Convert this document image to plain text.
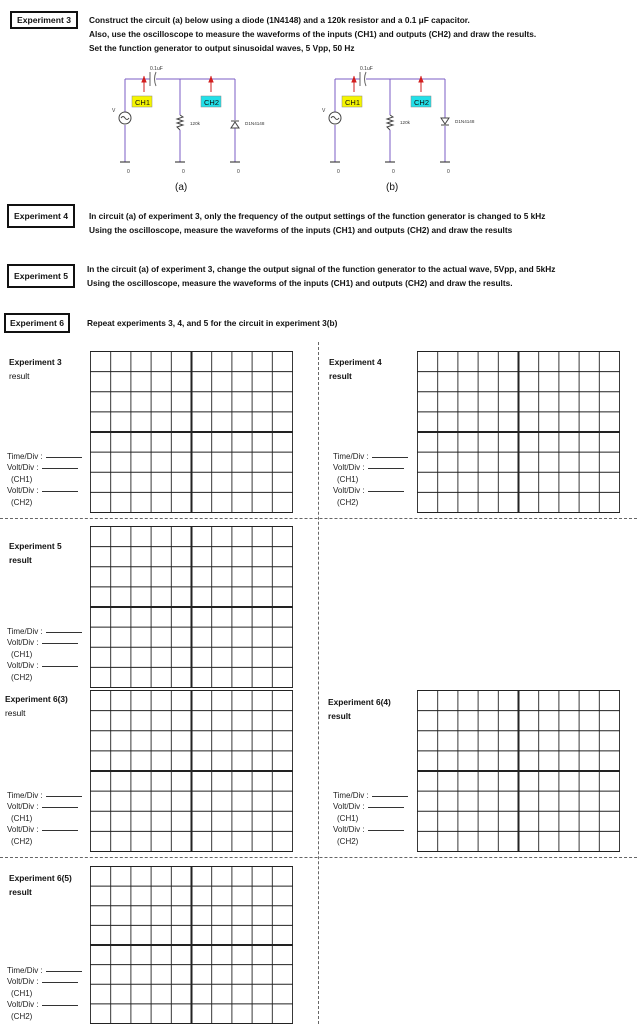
Experiment 3	Construct the circuit (a) below using a diode (1N4148) and a 120k resistor and a 0.1 μF capacitor.
Also, use the oscilloscope to measure the waveforms of the inputs (CH1) and outputs (CH2) and draw the results.
Set the function generator to output sinusoidal waves, 5 Vpp, 50 Hz
0.1uF
V
120k	D1N4148
CH1	CH2
0	0	0
(a)
0.1uF
V
120k	D1N4148
CH1	CH2
0	0	0
(b)
Experiment 4	In circuit (a) of experiment 3, only the frequency of the output settings of the function generator is changed to 5 kHz
Using the oscilloscope, measure the waveforms of the inputs (CH1) and outputs (CH2) and draw the results
Experiment 5
In the circuit (a) of experiment 3, change the output signal of the function generator to the actual wave, 5Vpp, and 5kHz
Using the oscilloscope, measure the waveforms of the inputs (CH1) and outputs (CH2) and draw the results.
Experiment 6	Repeat experiments 3, 4, and 5 for the circuit in experiment 3(b)
Experiment 3
result
Time/Div :
Volt/Div :
(CH1)
Volt/Div :
(CH2)
Experiment 4
result
Time/Div :
Volt/Div :
(CH1)
Volt/Div :
(CH2)
Experiment 5
result
Time/Div :
Volt/Div :
(CH1)
Volt/Div :
(CH2)
Experiment 6(3)
result
Time/Div :
Volt/Div :
(CH1)
Volt/Div :
(CH2)
Experiment 6(4)
result
Time/Div :
Volt/Div :
(CH1)
Volt/Div :
(CH2)
Experiment 6(5)
result
Time/Div :
Volt/Div :
(CH1)
Volt/Div :
(CH2)
